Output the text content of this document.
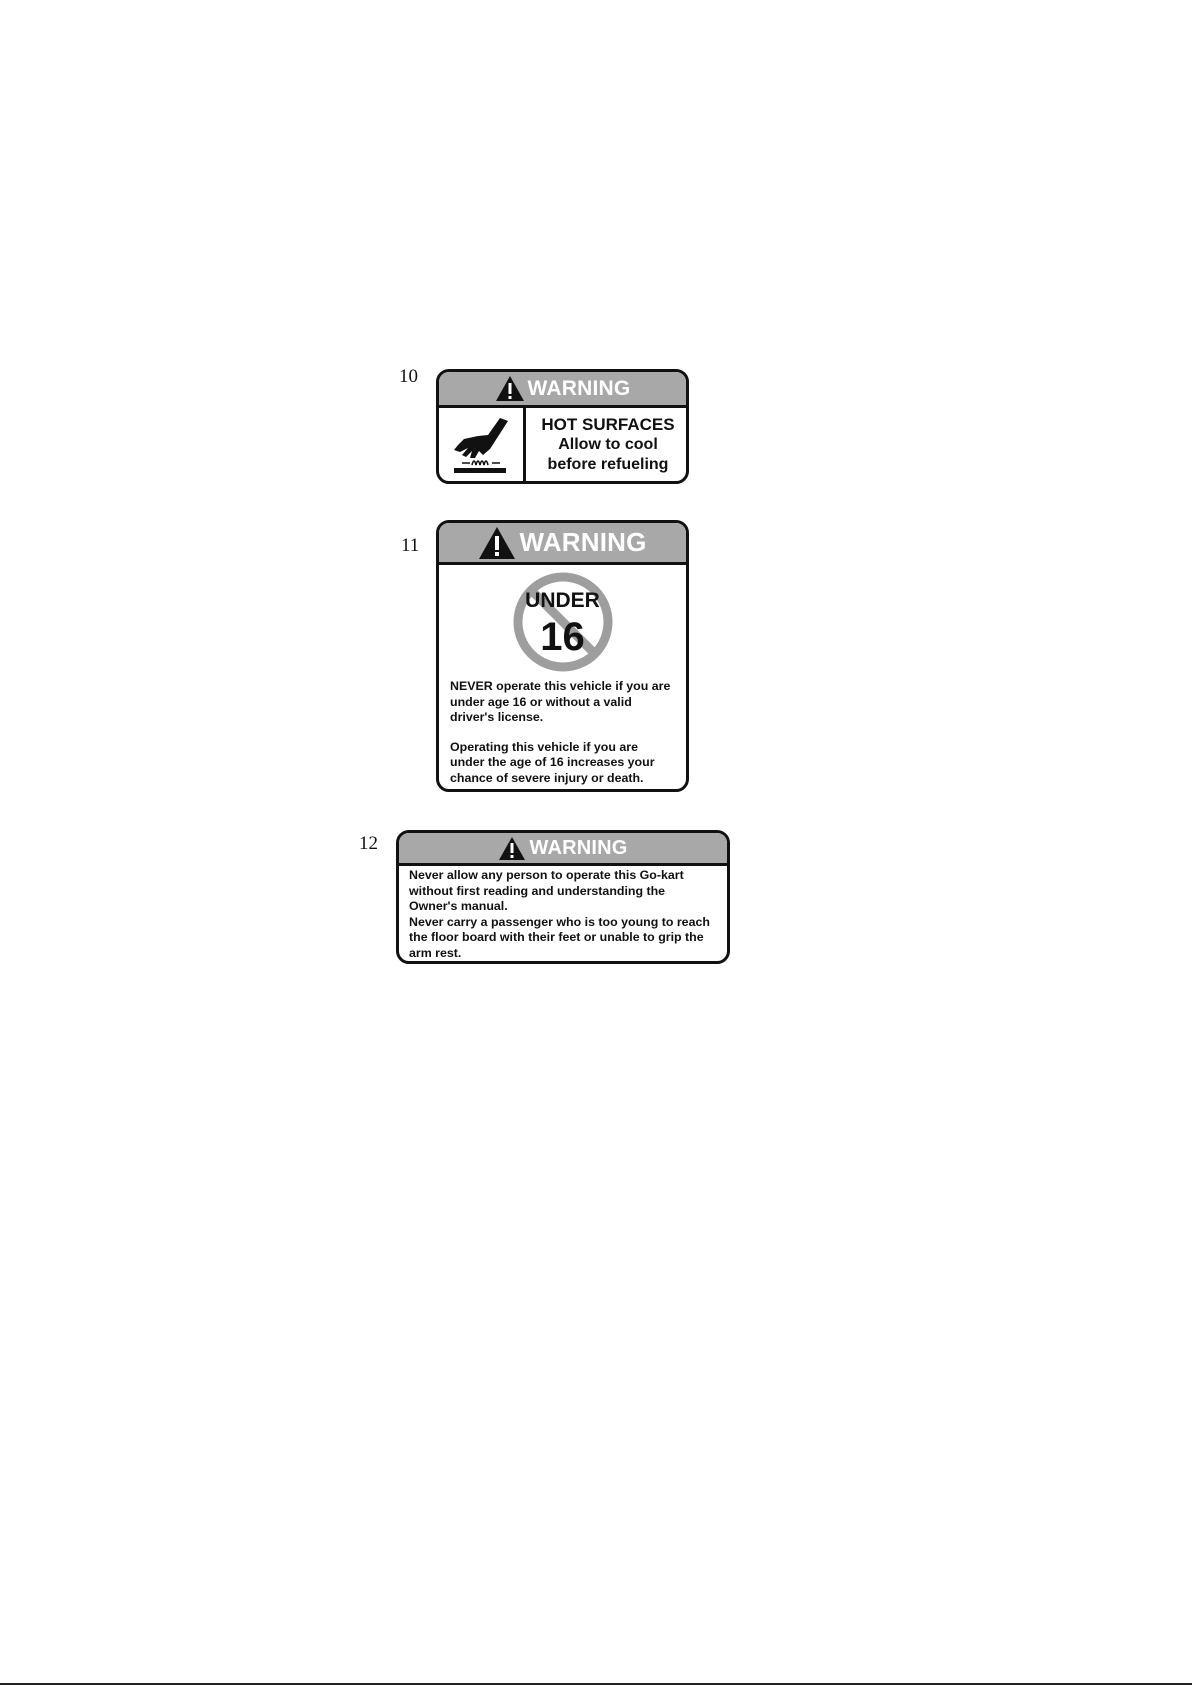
10	WARNING
HOT SURFACES
Allow to cool
before refueling
11	WARNING
UNDER
16
NEVER operate this vehicle if you are
under age 16 or without a valid
driver's license.
Operating this vehicle if you are
under the age of 16 increases your
chance of severe injury or death.
12	WARNING
Never allow any person to operate this Go-kart
without first reading and understanding the
Owner's manual.
Never carry a passenger who is too young to reach
the floor board with their feet or unable to grip the
arm rest.
